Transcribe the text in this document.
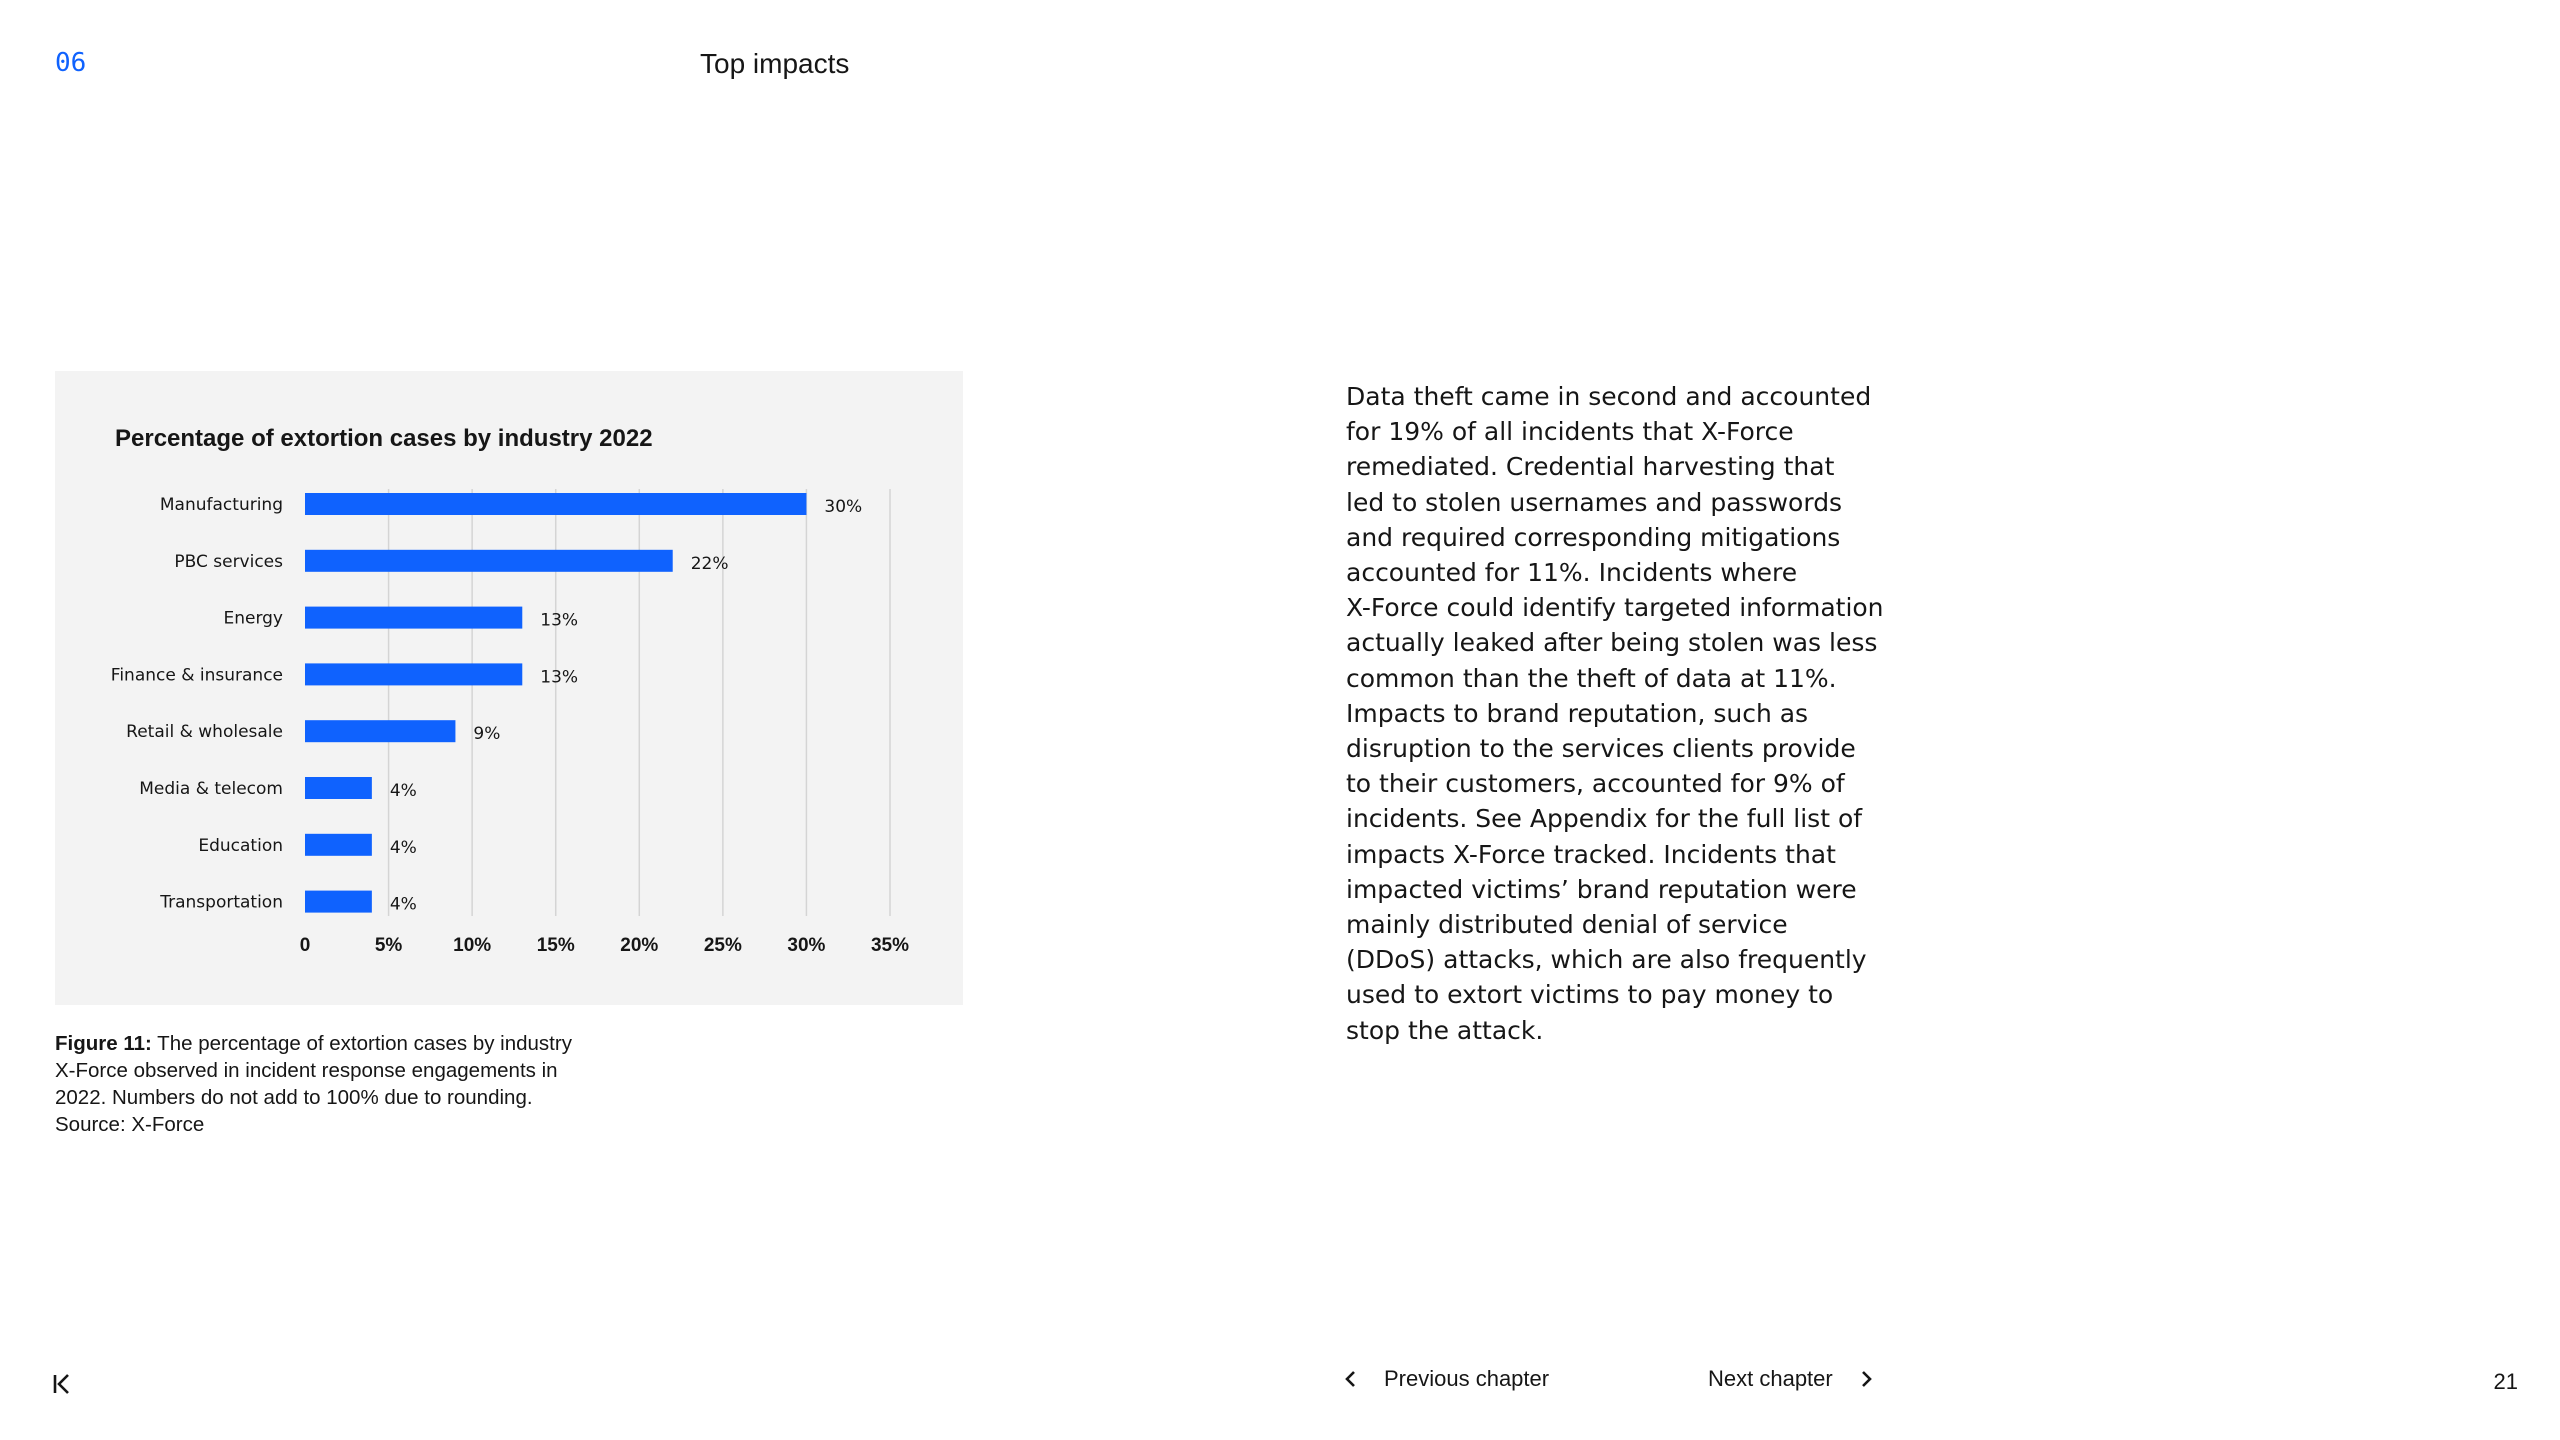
06	Top impacts
Percentage of extortion cases by industry 2022
0	5%	10% 15% 20% 25% 30% 35%
Manufacturing	30%
PBC services	22%
Energy	13%
Finance & insurance	13%
Retail & wholesale	9%
Media & telecom	4%
Education	4%
Transportation	4%
Figure 11: The percentage of extortion cases by industry X-Force observed in incident response engagements in 2022. Numbers do not add to 100% due to rounding. Source: X-Force
Data theft came in second and accounted
for 19% of all incidents that X-Force
remediated. Credential harvesting that
led to stolen usernames and passwords
and required corresponding mitigations
accounted for 11%. Incidents where
X-Force could identify targeted information
actually leaked after being stolen was less
common than the theft of data at 11%.
Impacts to brand reputation, such as
disruption to the services clients provide
to their customers, accounted for 9% of
incidents. See Appendix for the full list of
impacts X-Force tracked. Incidents that
impacted victims’ brand reputation were
mainly distributed denial of service
(DDoS) attacks, which are also frequently
used to extort victims to pay money to
stop the attack.
Previous chapter	Next chapter	21
